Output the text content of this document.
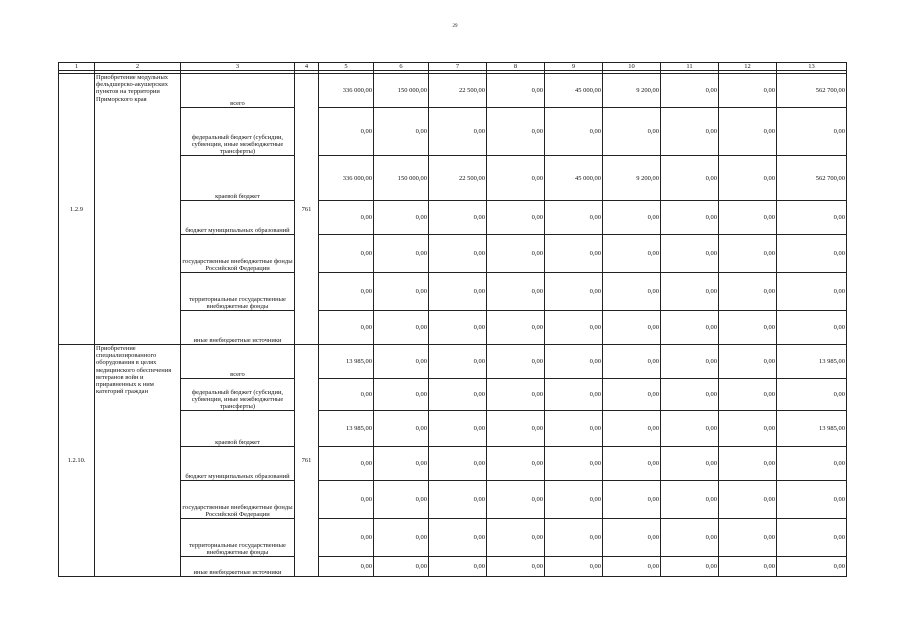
29
1	2	3	4	5	6	7	8	9	10	11	12	13

1.2.9	Приобретение модульных фельдшерско-акушерских пунктов на территории Приморского края	всего	761	336 000,00	150 000,00	22 500,00	0,00	45 000,00	9 200,00	0,00	0,00	562 700,00
		федеральный бюджет (субсидии, субвенции, иные межбюджетные трансферты)		0,00	0,00	0,00	0,00	0,00	0,00	0,00	0,00	0,00
		краевой бюджет		336 000,00	150 000,00	22 500,00	0,00	45 000,00	9 200,00	0,00	0,00	562 700,00
		бюджет муниципальных образований		0,00	0,00	0,00	0,00	0,00	0,00	0,00	0,00	0,00
		государственные внебюджетные фонды Российской Федерации		0,00	0,00	0,00	0,00	0,00	0,00	0,00	0,00	0,00
		территориальные государственные внебюджетные фонды		0,00	0,00	0,00	0,00	0,00	0,00	0,00	0,00	0,00
		иные внебюджетные источники		0,00	0,00	0,00	0,00	0,00	0,00	0,00	0,00	0,00
1.2.10.	Приобретение специализированного оборудования в целях медицинского обеспечения ветеранов войн и приравненных к ним категорий граждан	всего	761	13 985,00	0,00	0,00	0,00	0,00	0,00	0,00	0,00	13 985,00
		федеральный бюджет (субсидии, субвенции, иные межбюджетные трансферты)		0,00	0,00	0,00	0,00	0,00	0,00	0,00	0,00	0,00
		краевой бюджет		13 985,00	0,00	0,00	0,00	0,00	0,00	0,00	0,00	13 985,00
		бюджет муниципальных образований		0,00	0,00	0,00	0,00	0,00	0,00	0,00	0,00	0,00
		государственные внебюджетные фонды Российской Федерации		0,00	0,00	0,00	0,00	0,00	0,00	0,00	0,00	0,00
		территориальные государственные внебюджетные фонды		0,00	0,00	0,00	0,00	0,00	0,00	0,00	0,00	0,00
		иные внебюджетные источники		0,00	0,00	0,00	0,00	0,00	0,00	0,00	0,00	0,00
